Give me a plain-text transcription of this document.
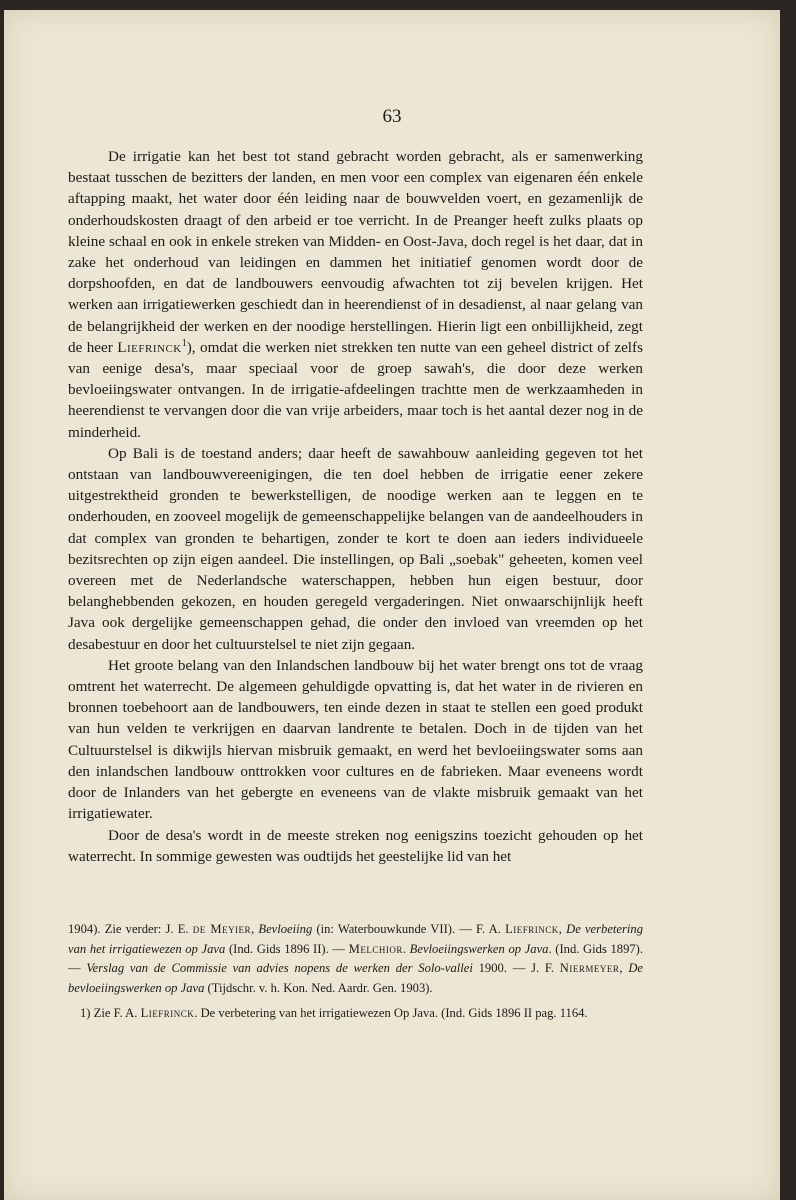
63

De irrigatie kan het best tot stand gebracht worden gebracht, als er samenwerking bestaat tusschen de bezitters der landen, en men voor een complex van eigenaren één enkele aftapping maakt, het water door één leiding naar de bouwvelden voert, en gezamenlijk de onderhoudskosten draagt of den arbeid er toe verricht. In de Preanger heeft zulks plaats op kleine schaal en ook in enkele streken van Midden- en Oost-Java, doch regel is het daar, dat in zake het onderhoud van leidingen en dammen het initiatief genomen wordt door de dorpshoofden, en dat de landbouwers eenvoudig afwachten tot zij bevelen krijgen. Het werken aan irrigatiewerken geschiedt dan in heerendienst of in desadienst, al naar gelang van de belangrijkheid der werken en der noodige herstellingen. Hierin ligt een onbillijkheid, zegt de heer Liefrinck$^1$), omdat die werken niet strekken ten nutte van een geheel district of zelfs van eenige desa's, maar speciaal voor de groep sawah's, die door deze werken bevloeiingswater ontvangen. In de irrigatie-afdeelingen trachtte men de werkzaamheden in heerendienst te vervangen door die van vrije arbeiders, maar toch is het aantal dezer nog in de minderheid.

Op Bali is de toestand anders; daar heeft de sawahbouw aanleiding gegeven tot het ontstaan van landbouwvereenigingen, die ten doel hebben de irrigatie eener zekere uitgestrektheid gronden te bewerkstelligen, de noodige werken aan te leggen en te onderhouden, en zooveel mogelijk de gemeenschappelijke belangen van de aandeelhouders in dat complex van gronden te behartigen, zonder te kort te doen aan ieders individueele bezitsrechten op zijn eigen aandeel. Die instellingen, op Bali „soebak" geheeten, komen veel overeen met de Nederlandsche waterschappen, hebben hun eigen bestuur, door belanghebbenden gekozen, en houden geregeld vergaderingen. Niet onwaarschijnlijk heeft Java ook dergelijke gemeenschappen gehad, die onder den invloed van vreemden op het desabestuur en door het cultuurstelsel te niet zijn gegaan.

Het groote belang van den Inlandschen landbouw bij het water brengt ons tot de vraag omtrent het waterrecht. De algemeen gehuldigde opvatting is, dat het water in de rivieren en bronnen toebehoort aan de landbouwers, ten einde dezen in staat te stellen een goed produkt van hun velden te verkrijgen en daarvan landrente te betalen. Doch in de tijden van het Cultuurstelsel is dikwijls hiervan misbruik gemaakt, en werd het bevloeiingswater soms aan den inlandschen landbouw onttrokken voor cultures en de fabrieken. Maar eveneens wordt door de Inlanders van het gebergte en eveneens van de vlakte misbruik gemaakt van het irrigatiewater.

Door de desa's wordt in de meeste streken nog eenigszins toezicht gehouden op het waterrecht. In sommige gewesten was oudtijds het geestelijke lid van het

1904). Zie verder: J. E. de Meyier, Bevloeiing (in: Waterbouwkunde VII). — F. A. Liefrinck, De verbetering van het irrigatiewezen op Java (Ind. Gids 1896 II). — Melchior. Bevloeiingswerken op Java. (Ind. Gids 1897). — Verslag van de Commissie van advies nopens de werken der Solo-vallei 1900. — J. F. Niermeyer, De bevloeiingswerken op Java (Tijdschr. v. h. Kon. Ned. Aardr. Gen. 1903).

1) Zie F. A. Liefrinck. De verbetering van het irrigatiewezen Op Java. (Ind. Gids 1896 II pag. 1164.
